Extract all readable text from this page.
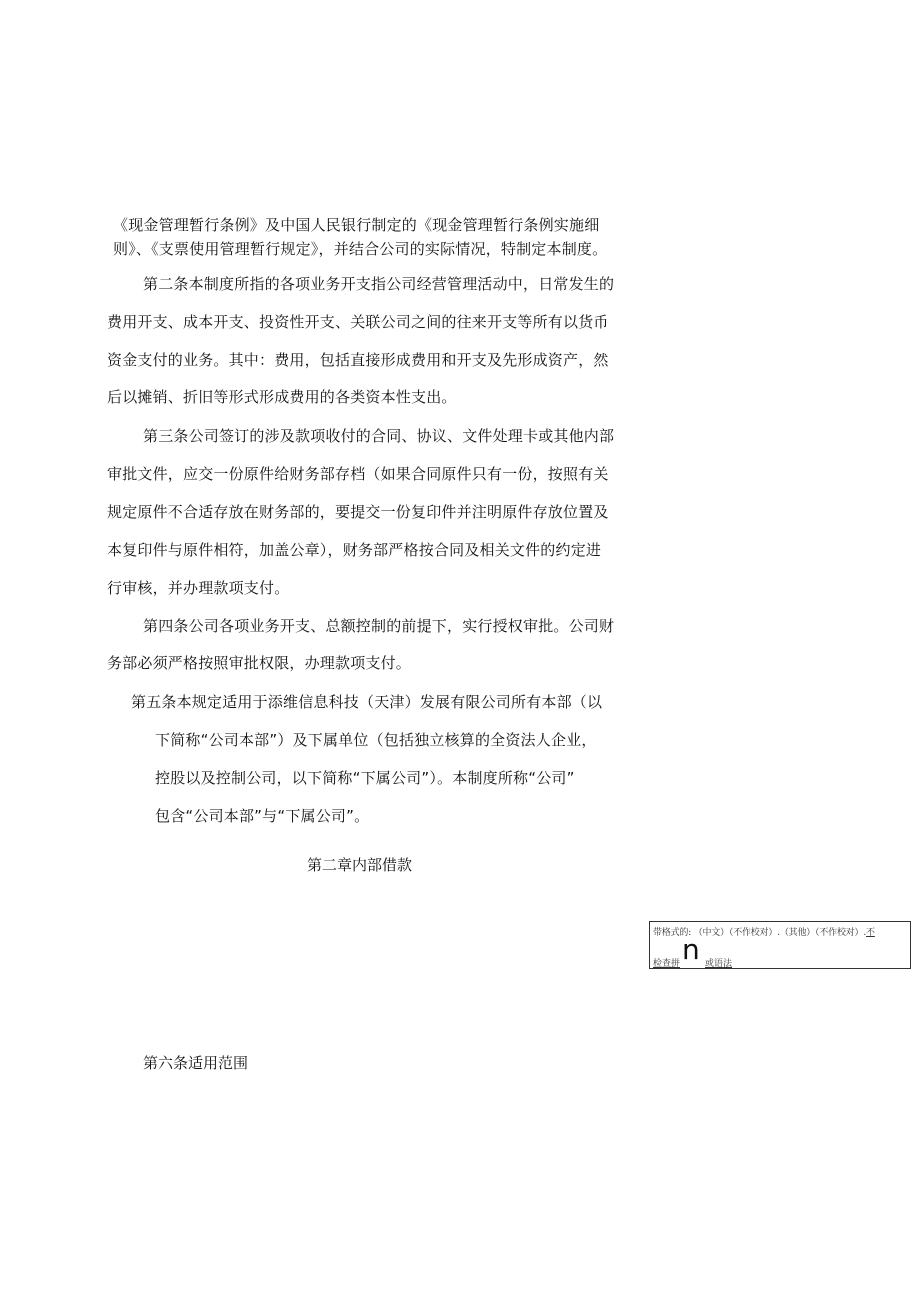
《现金管理暂行条例》及中国人民银行制定的《现金管理暂行条例实施细
则》、《支票使用管理暂行规定》，并结合公司的实际情况，特制定本制度。
第二条本制度所指的各项业务开支指公司经营管理活动中，日常发生的
费用开支、成本开支、投资性开支、关联公司之间的往来开支等所有以货币
资金支付的业务。其中：费用，包括直接形成费用和开支及先形成资产，然
后以摊销、折旧等形式形成费用的各类资本性支出。
第三条公司签订的涉及款项收付的合同、协议、文件处理卡或其他内部
审批文件，应交一份原件给财务部存档（如果合同原件只有一份，按照有关
规定原件不合适存放在财务部的，要提交一份复印件并注明原件存放位置及
本复印件与原件相符，加盖公章），财务部严格按合同及相关文件的约定进
行审核，并办理款项支付。
第四条公司各项业务开支、总额控制的前提下，实行授权审批。公司财
务部必须严格按照审批权限，办理款项支付。
第五条本规定适用于添维信息科技（天津）发展有限公司所有本部（以
下简称“公司本部”）及下属单位（包括独立核算的全资法人企业，
控股以及控制公司，以下简称“下属公司”）。本制度所称“公司”
包含“公司本部”与“下属公司”。
第二章内部借款
带格式的: （中文）（不作校对）.（其他）（不作校对）.不
检查拼 n 或语法
第六条适用范围
